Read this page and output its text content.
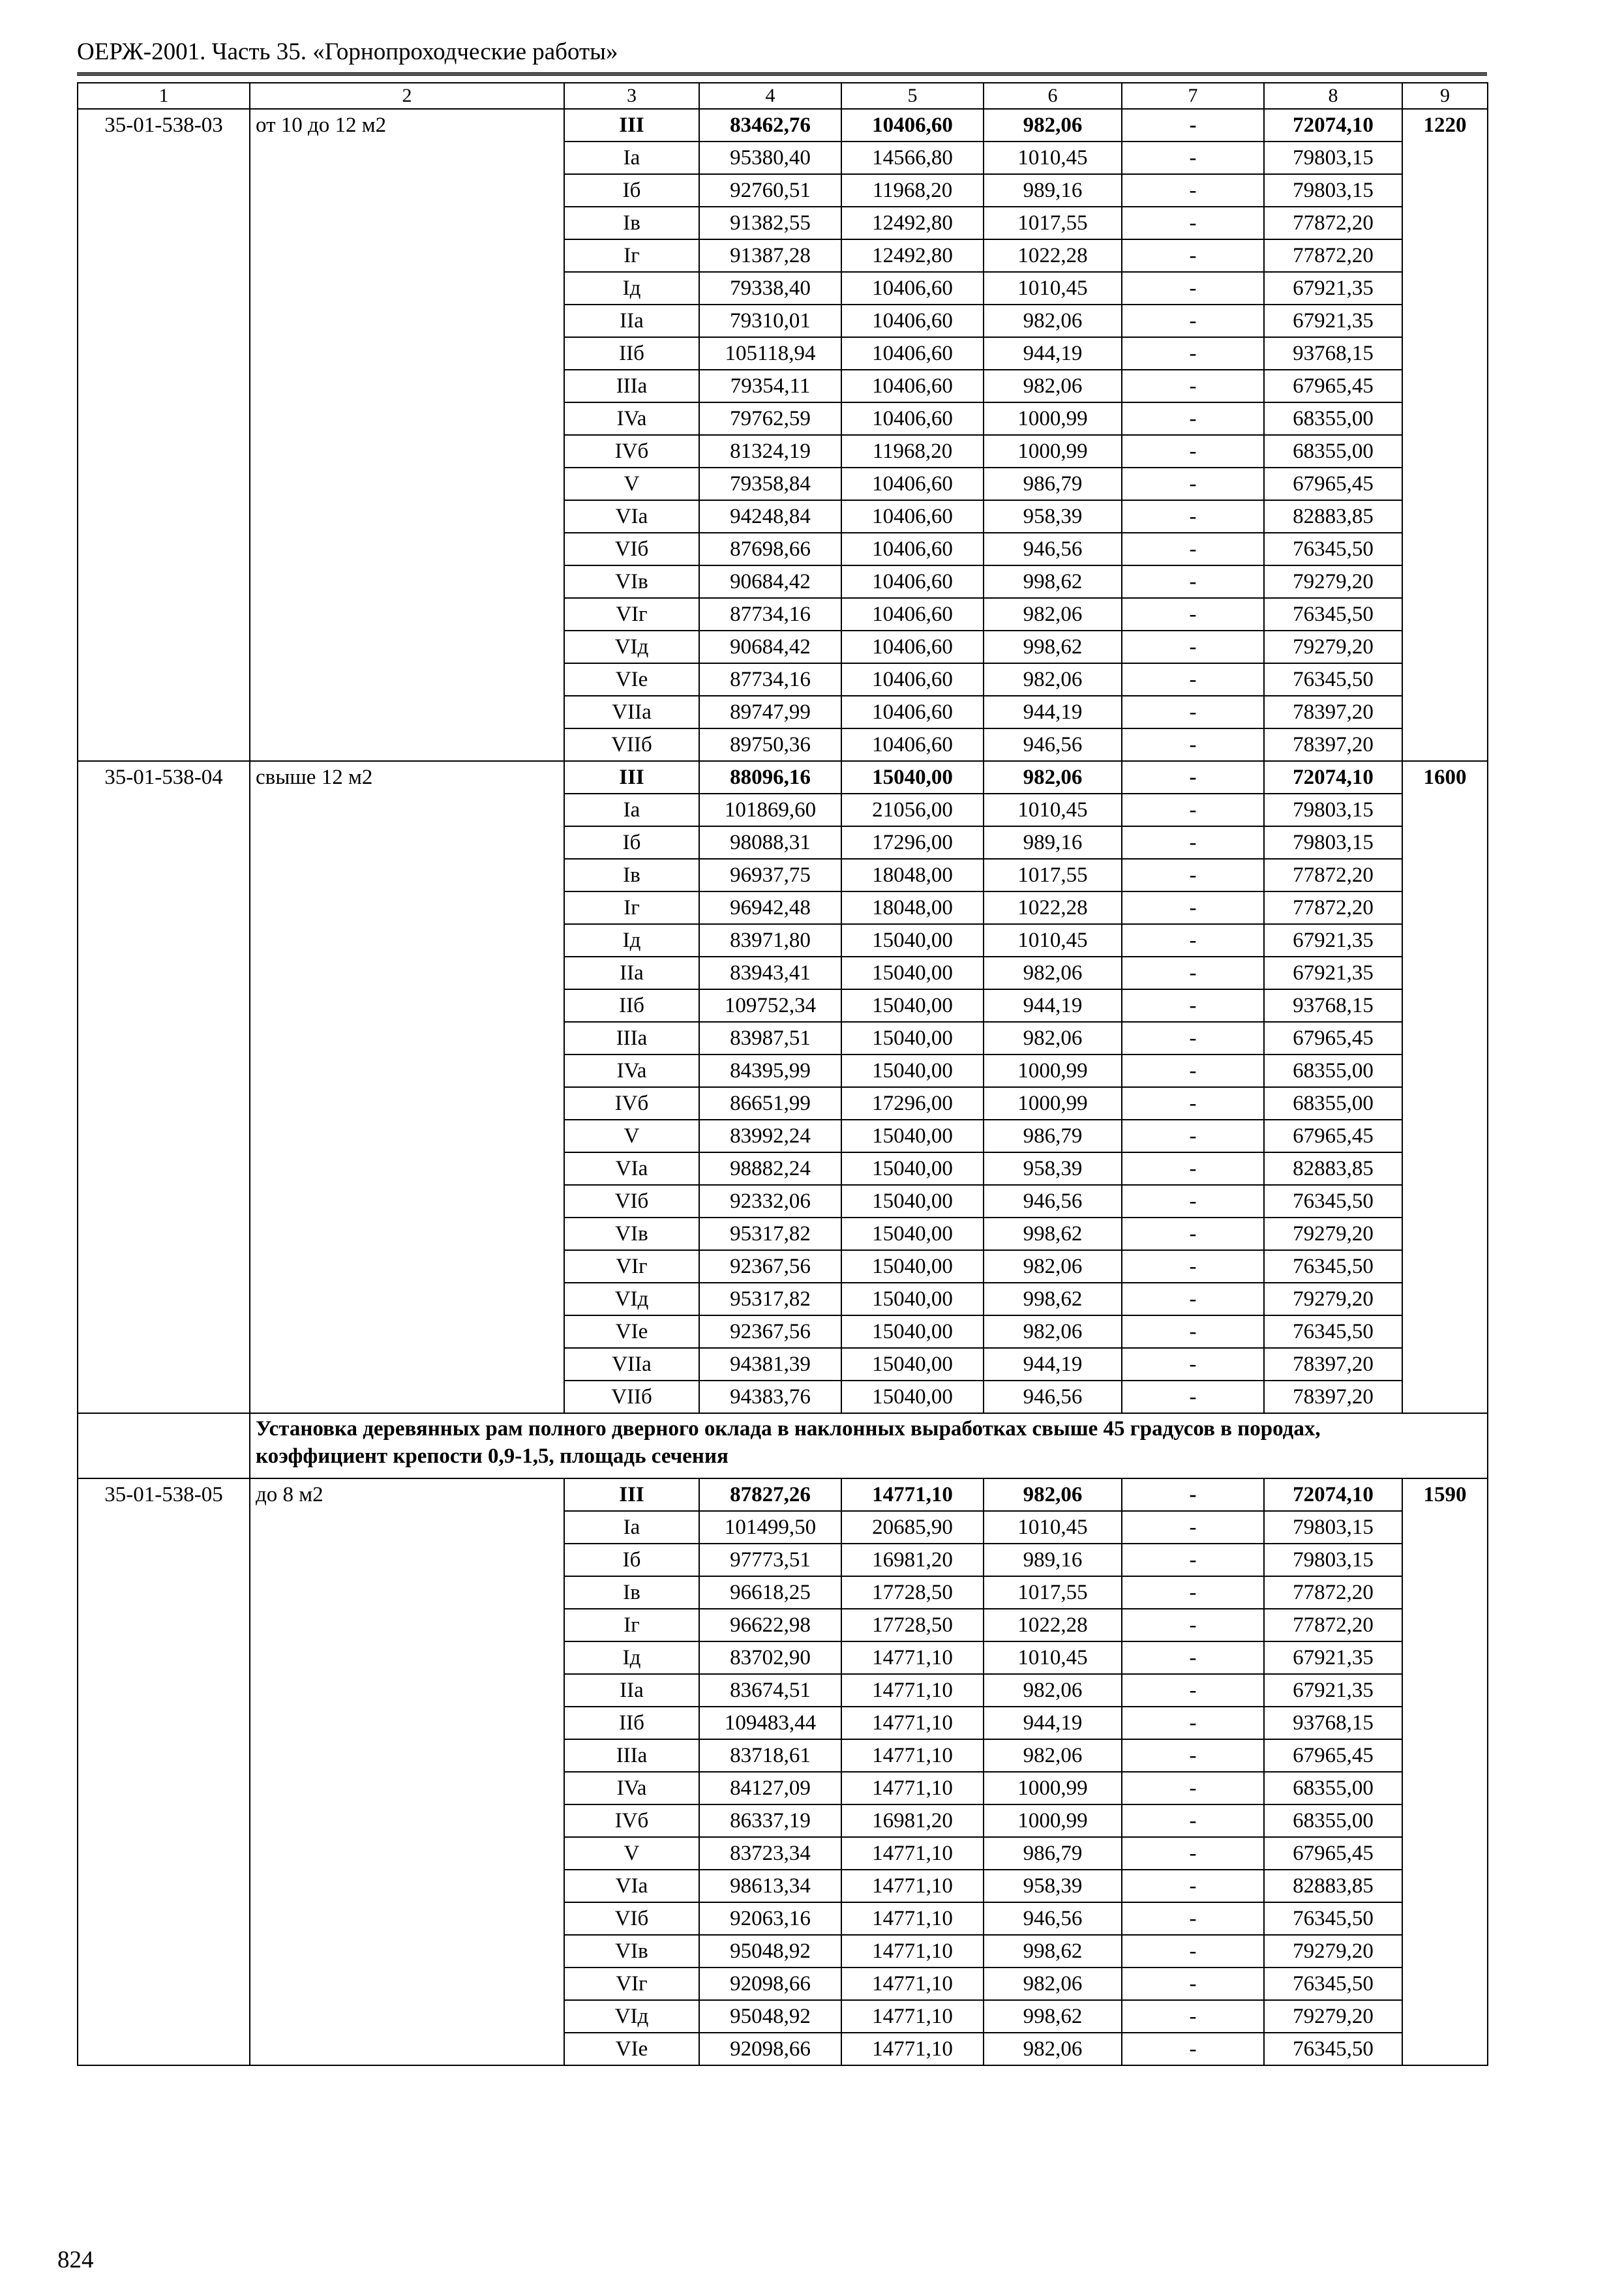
ОЕРЖ-2001. Часть 35. «Горнопроходческие работы»
1	2	3	4	5	6	7	8	9
35-01-538-03	от 10 до 12 м2	III	83462,76	10406,60	982,06	-	72074,10	1220
		Ia	95380,40	14566,80	1010,45	-	79803,15	
		Iб	92760,51	11968,20	989,16	-	79803,15	
		Iв	91382,55	12492,80	1017,55	-	77872,20	
		Iг	91387,28	12492,80	1022,28	-	77872,20	
		Iд	79338,40	10406,60	1010,45	-	67921,35	
		IIa	79310,01	10406,60	982,06	-	67921,35	
		IIб	105118,94	10406,60	944,19	-	93768,15	
		IIIa	79354,11	10406,60	982,06	-	67965,45	
		IVa	79762,59	10406,60	1000,99	-	68355,00	
		IVб	81324,19	11968,20	1000,99	-	68355,00	
		V	79358,84	10406,60	986,79	-	67965,45	
		VIa	94248,84	10406,60	958,39	-	82883,85	
		VIб	87698,66	10406,60	946,56	-	76345,50	
		VIв	90684,42	10406,60	998,62	-	79279,20	
		VIг	87734,16	10406,60	982,06	-	76345,50	
		VIд	90684,42	10406,60	998,62	-	79279,20	
		VIe	87734,16	10406,60	982,06	-	76345,50	
		VIIa	89747,99	10406,60	944,19	-	78397,20	
		VIIб	89750,36	10406,60	946,56	-	78397,20	
35-01-538-04	свыше 12 м2	III	88096,16	15040,00	982,06	-	72074,10	1600
		Ia	101869,60	21056,00	1010,45	-	79803,15	
		Iб	98088,31	17296,00	989,16	-	79803,15	
		Iв	96937,75	18048,00	1017,55	-	77872,20	
		Iг	96942,48	18048,00	1022,28	-	77872,20	
		Iд	83971,80	15040,00	1010,45	-	67921,35	
		IIa	83943,41	15040,00	982,06	-	67921,35	
		IIб	109752,34	15040,00	944,19	-	93768,15	
		IIIa	83987,51	15040,00	982,06	-	67965,45	
		IVa	84395,99	15040,00	1000,99	-	68355,00	
		IVб	86651,99	17296,00	1000,99	-	68355,00	
		V	83992,24	15040,00	986,79	-	67965,45	
		VIa	98882,24	15040,00	958,39	-	82883,85	
		VIб	92332,06	15040,00	946,56	-	76345,50	
		VIв	95317,82	15040,00	998,62	-	79279,20	
		VIг	92367,56	15040,00	982,06	-	76345,50	
		VIд	95317,82	15040,00	998,62	-	79279,20	
		VIe	92367,56	15040,00	982,06	-	76345,50	
		VIIa	94381,39	15040,00	944,19	-	78397,20	
		VIIб	94383,76	15040,00	946,56	-	78397,20	
	Установка деревянных рам полного дверного оклада в наклонных выработках свыше 45 градусов в породах, коэффициент крепости 0,9-1,5, площадь сечения							
35-01-538-05	до 8 м2	III	87827,26	14771,10	982,06	-	72074,10	1590
		Ia	101499,50	20685,90	1010,45	-	79803,15	
		Iб	97773,51	16981,20	989,16	-	79803,15	
		Iв	96618,25	17728,50	1017,55	-	77872,20	
		Iг	96622,98	17728,50	1022,28	-	77872,20	
		Iд	83702,90	14771,10	1010,45	-	67921,35	
		IIa	83674,51	14771,10	982,06	-	67921,35	
		IIб	109483,44	14771,10	944,19	-	93768,15	
		IIIa	83718,61	14771,10	982,06	-	67965,45	
		IVa	84127,09	14771,10	1000,99	-	68355,00	
		IVб	86337,19	16981,20	1000,99	-	68355,00	
		V	83723,34	14771,10	986,79	-	67965,45	
		VIa	98613,34	14771,10	958,39	-	82883,85	
		VIб	92063,16	14771,10	946,56	-	76345,50	
		VIв	95048,92	14771,10	998,62	-	79279,20	
		VIг	92098,66	14771,10	982,06	-	76345,50	
		VIд	95048,92	14771,10	998,62	-	79279,20	
		VIe	92098,66	14771,10	982,06	-	76345,50	
824
